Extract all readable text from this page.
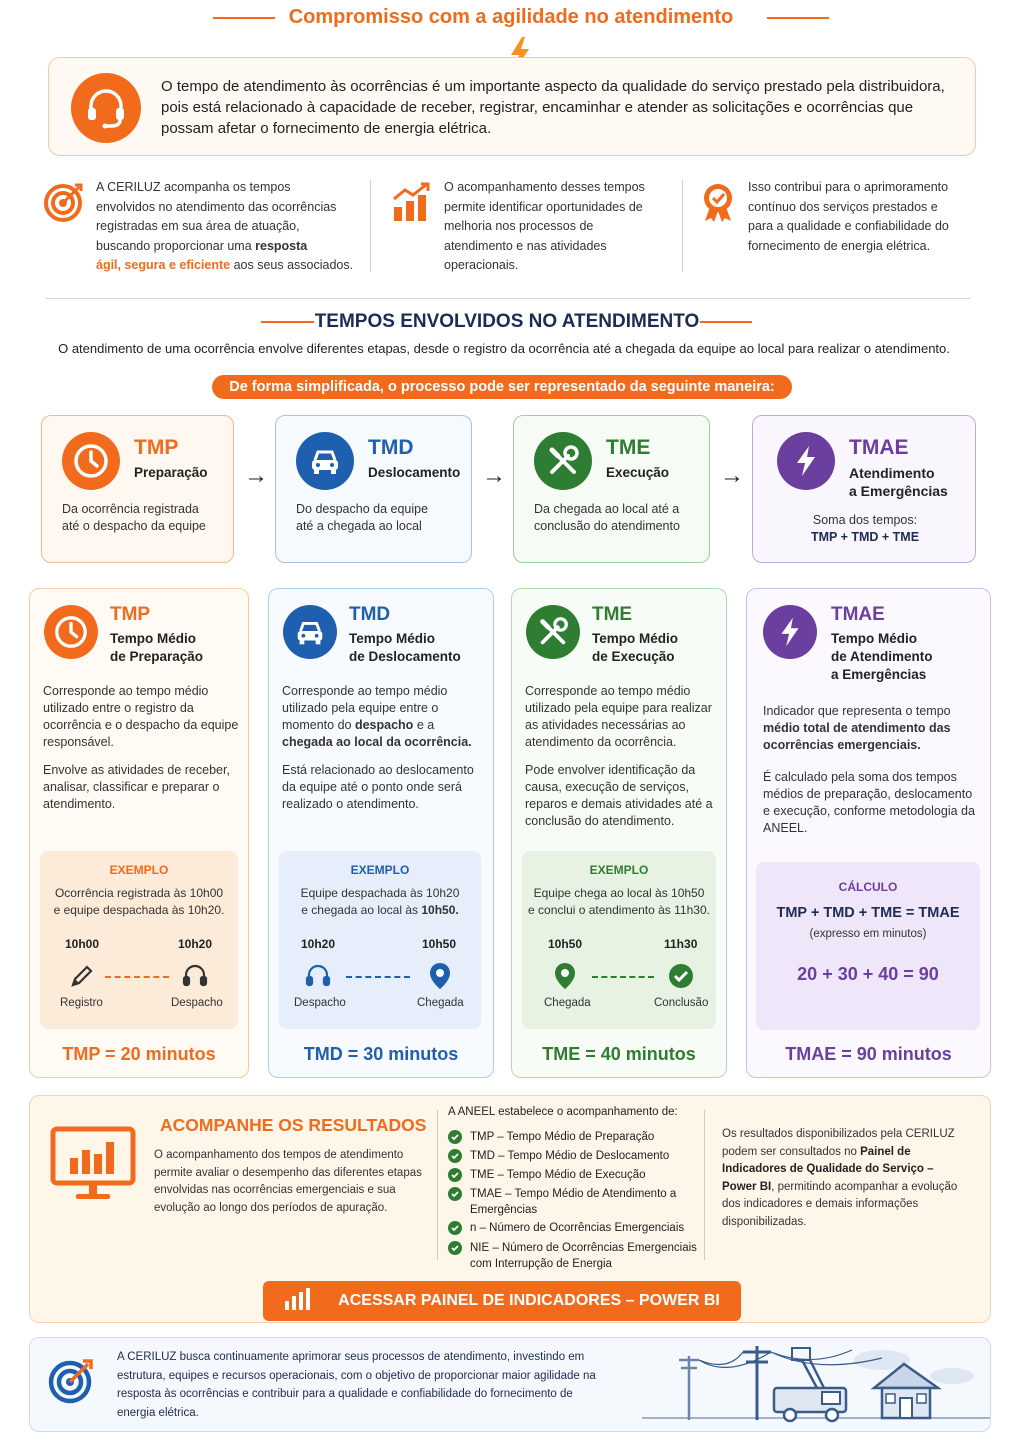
Compromisso com a agilidade no atendimento
O tempo de atendimento às ocorrências é um importante aspecto da qualidade do serviço prestado pela distribuidora, pois está relacionado à capacidade de receber, registrar, encaminhar e atender as solicitações e ocorrências que possam afetar o fornecimento de energia elétrica.
A CERILUZ acompanha os tempos
envolvidos no atendimento das ocorrências
registradas em sua área de atuação,
buscando proporcionar uma resposta
ágil, segura e eficiente aos seus associados.
O acompanhamento desses tempos permite identificar oportunidades de melhoria nos processos de atendimento e nas atividades operacionais.
Isso contribui para o aprimoramento contínuo dos serviços prestados e para a qualidade e confiabilidade do fornecimento de energia elétrica.
TEMPOS ENVOLVIDOS NO ATENDIMENTO
O atendimento de uma ocorrência envolve diferentes etapas, desde o registro da ocorrência até a chegada da equipe ao local para realizar o atendimento.
De forma simplificada, o processo pode ser representado da seguinte maneira:
TMP
Preparação
Da ocorrência registrada até o despacho da equipe
→
TMD
Deslocamento
Do despacho da equipe até a chegada ao local
→
TME
Execução
Da chegada ao local até a conclusão do atendimento
→
TMAE
Atendimento
a Emergências
Soma dos tempos:
TMP + TMD + TME
TMP
Tempo Médio
de Preparação
Corresponde ao tempo médio utilizado entre o registro da ocorrência e o despacho da equipe responsável.
Envolve as atividades de receber, analisar, classificar e preparar o atendimento.
EXEMPLO
Ocorrência registrada às 10h00
e equipe despachada às 10h20.
10h00	10h20
Registro	Despacho
TMP = 20 minutos
TMD
Tempo Médio
de Deslocamento
Corresponde ao tempo médio utilizado pela equipe entre o momento do despacho e a chegada ao local da ocorrência.
Está relacionado ao deslocamento da equipe até o ponto onde será realizado o atendimento.
EXEMPLO
Equipe despachada às 10h20
e chegada ao local às 10h50.
10h20	10h50
Despacho	Chegada
TMD = 30 minutos
TME
Tempo Médio
de Execução
Corresponde ao tempo médio utilizado pela equipe para realizar as atividades necessárias ao atendimento da ocorrência.
Pode envolver identificação da causa, execução de serviços, reparos e demais atividades até a conclusão do atendimento.
EXEMPLO
Equipe chega ao local às 10h50
e conclui o atendimento às 11h30.
10h50	11h30
Chegada	Conclusão
TME = 40 minutos
TMAE
Tempo Médio
de Atendimento
a Emergências
Indicador que representa o tempo médio total de atendimento das ocorrências emergenciais.
É calculado pela soma dos tempos médios de preparação, deslocamento e execução, conforme metodologia da ANEEL.
CÁLCULO
TMP + TMD + TME = TMAE
(expresso em minutos)
20 + 30 + 40 = 90
TMAE = 90 minutos
ACOMPANHE OS RESULTADOS
O acompanhamento dos tempos de atendimento permite avaliar o desempenho das diferentes etapas envolvidas nas ocorrências emergenciais e sua evolução ao longo dos períodos de apuração.
A ANEEL estabelece o acompanhamento de:
TMP – Tempo Médio de Preparação
TMD – Tempo Médio de Deslocamento
TME – Tempo Médio de Execução
TMAE – Tempo Médio de Atendimento a Emergências
n – Número de Ocorrências Emergenciais
NIE – Número de Ocorrências Emergenciais com Interrupção de Energia
Os resultados disponibilizados pela CERILUZ podem ser consultados no Painel de Indicadores de Qualidade do Serviço – Power BI, permitindo acompanhar a evolução dos indicadores e demais informações disponibilizadas.
ACESSAR PAINEL DE INDICADORES – POWER BI
A CERILUZ busca continuamente aprimorar seus processos de atendimento, investindo em estrutura, equipes e recursos operacionais, com o objetivo de proporcionar maior agilidade na resposta às ocorrências e contribuir para a qualidade e confiabilidade do fornecimento de energia elétrica.
